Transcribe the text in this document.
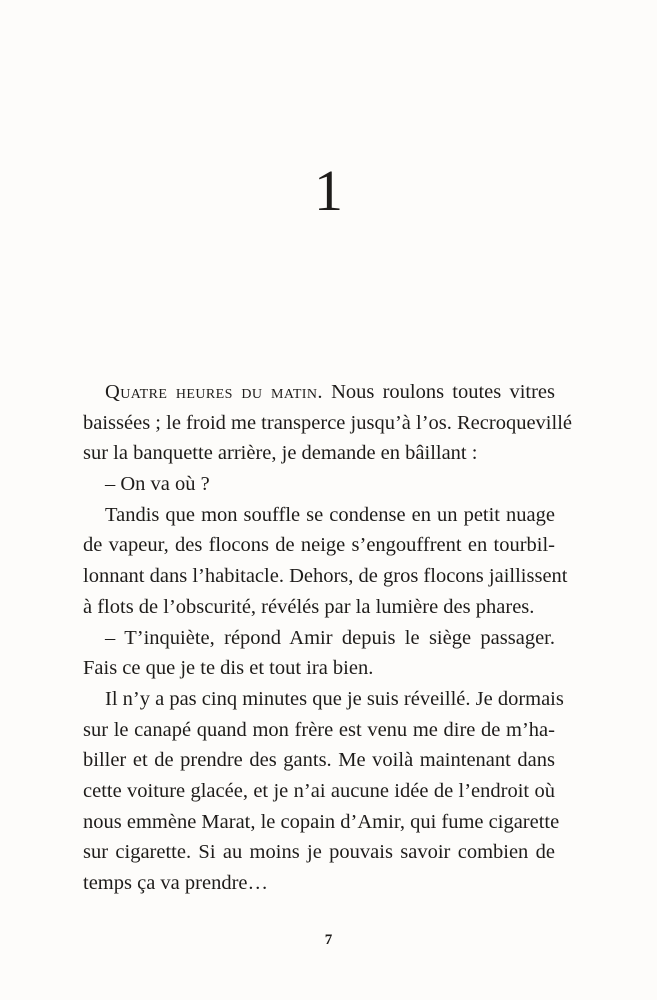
1
Quatre heures du matin. Nous roulons toutes vitres
baissées ; le froid me transperce jusqu’à l’os. Recroquevillé
sur la banquette arrière, je demande en bâillant :
– On va où ?
Tandis que mon souffle se condense en un petit nuage
de vapeur, des flocons de neige s’engouffrent en tourbil-
lonnant dans l’habitacle. Dehors, de gros flocons jaillissent
à flots de l’obscurité, révélés par la lumière des phares.
– T’inquiète, répond Amir depuis le siège passager.
Fais ce que je te dis et tout ira bien.
Il n’y a pas cinq minutes que je suis réveillé. Je dormais
sur le canapé quand mon frère est venu me dire de m’ha-
biller et de prendre des gants. Me voilà maintenant dans
cette voiture glacée, et je n’ai aucune idée de l’endroit où
nous emmène Marat, le copain d’Amir, qui fume cigarette
sur cigarette. Si au moins je pouvais savoir combien de
temps ça va prendre…
7
